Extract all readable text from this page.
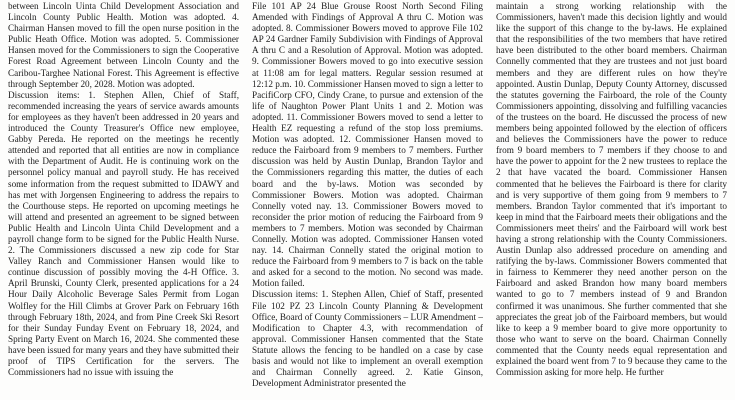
between Lincoln Uinta Child Development Association and Lincoln County Public Health. Motion was adopted. 4. Chairman Hansen moved to fill the open nurse position in the Public Heath Office. Motion was adopted. 5. Commissioner Hansen moved for the Commissioners to sign the Cooperative Forest Road Agreement between Lincoln County and the Caribou-Targhee National Forest. This Agreement is effective through September 20, 2028. Motion was adopted.

Discussion items: 1. Stephen Allen, Chief of Staff, recommended increasing the years of service awards amounts for employees as they haven't been addressed in 20 years and introduced the County Treasurer's Office new employee, Gabby Pereda. He reported on the meetings he recently attended and reported that all entities are now in compliance with the Department of Audit. He is continuing work on the personnel policy manual and payroll study. He has received some information from the request submitted to IDAWY and has met with Jorgensen Engineering to address the repairs to the Courthouse steps. He reported on upcoming meetings he will attend and presented an agreement to be signed between Public Health and Lincoln Uinta Child Development and a payroll change form to be signed for the Public Health Nurse. 2. The Commissioners discussed a new zip code for Star Valley Ranch and Commissioner Hansen would like to continue discussion of possibly moving the 4-H Office. 3. April Brunski, County Clerk, presented applications for a 24 Hour Daily Alcoholic Beverage Sales Permit from Logan Wolfley for the Hill Climbs at Grover Park on February 16th through February 18th, 2024, and from Pine Creek Ski Resort for their Sunday Funday Event on February 18, 2024, and Spring Party Event on March 16, 2024. She commented these have been issued for many years and they have submitted their proof of TIPS Certification for the servers. The Commissioners had no issue with issuing the

File 101 AP 24 Blue Grouse Roost North Second Filing Amended with Findings of Approval A thru C. Motion was adopted. 8. Commissioner Bowers moved to approve File 102 AP 24 Gardner Family Subdivision with Findings of Approval A thru C and a Resolution of Approval. Motion was adopted. 9. Commissioner Bowers moved to go into executive session at 11:08 am for legal matters. Regular session resumed at 12:12 p.m. 10. Commissioner Hansen moved to sign a letter to PacifiCorp CFO, Cindy Crane, to pursue and extension of the life of Naughton Power Plant Units 1 and 2. Motion was adopted. 11. Commissioner Bowers moved to send a letter to Health EZ requesting a refund of the stop loss premiums. Motion was adopted. 12. Commissioner Hansen moved to reduce the Fairboard from 9 members to 7 members. Further discussion was held by Austin Dunlap, Brandon Taylor and the Commissioners regarding this matter, the duties of each board and the by-laws. Motion was seconded by Commissioner Bowers. Motion was adopted. Chairman Connelly voted nay. 13. Commissioner Bowers moved to reconsider the prior motion of reducing the Fairboard from 9 members to 7 members. Motion was seconded by Chairman Connelly. Motion was adopted. Commissioner Hansen voted nay. 14. Chairman Connelly stated the original motion to reduce the Fairboard from 9 members to 7 is back on the table and asked for a second to the motion. No second was made. Motion failed.

Discussion items: 1. Stephen Allen, Chief of Staff, presented File 102 PZ 23 Lincoln County Planning & Development Office, Board of County Commissioners – LUR Amendment – Modification to Chapter 4.3, with recommendation of approval. Commissioner Hansen commented that the State Statute allows the fencing to be handled on a case by case basis and would not like to implement an overall exemption and Chairman Connelly agreed. 2. Katie Ginson, Development Administrator presented the

maintain a strong working relationship with the Commissioners, haven't made this decision lightly and would like the support of this change to the by-laws. He explained that the responsibilities of the two members that have retired have been distributed to the other board members. Chairman Connelly commented that they are trustees and not just board members and they are different rules on how they're appointed. Austin Dunlap, Deputy County Attorney, discussed the statutes governing the Fairboard, the role of the County Commissioners appointing, dissolving and fulfilling vacancies of the trustees on the board. He discussed the process of new members being appointed followed by the election of officers and believes the Commissioners have the power to reduce from 9 board members to 7 members if they choose to and have the power to appoint for the 2 new trustees to replace the 2 that have vacated the board. Commissioner Hansen commented that he believes the Fairboard is there for clarity and is very supportive of them going from 9 members to 7 members. Brandon Taylor commented that it's important to keep in mind that the Fairboard meets their obligations and the Commissioners meet theirs' and the Fairboard will work best having a strong relationship with the County Commissioners. Austin Dunlap also addressed procedure on amending and ratifying the by-laws. Commissioner Bowers commented that in fairness to Kemmerer they need another person on the Fairboard and asked Brandon how many board members wanted to go to 7 members instead of 9 and Brandon confirmed it was unanimous. She further commented that she appreciates the great job of the Fairboard members, but would like to keep a 9 member board to give more opportunity to those who want to serve on the board. Chairman Connelly commented that the County needs equal representation and explained the board went from 7 to 9 because they came to the Commission asking for more help. He further
